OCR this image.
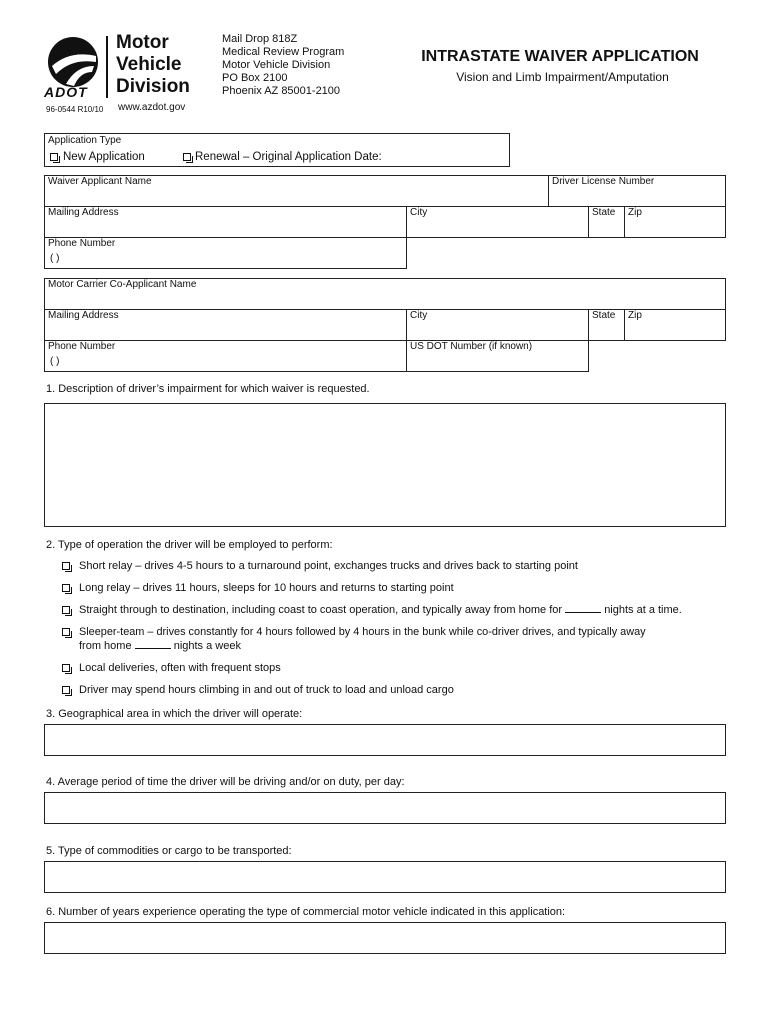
ADOT
Motor
Vehicle
Division
96-0544 R10/10 www.azdot.gov
Mail Drop 818Z
Medical Review Program
Motor Vehicle Division
PO Box 2100
Phoenix AZ 85001-2100
INTRASTATE WAIVER APPLICATION
Vision and Limb Impairment/Amputation
Application Type
New Application	Renewal – Original Application Date:
Waiver Applicant Name	Driver License Number
Mailing Address	City	State Zip
Phone Number
( )
Motor Carrier Co-Applicant Name
Mailing Address	City	State Zip
Phone Number
( )
US DOT Number (if known)
1. Description of driver’s impairment for which waiver is requested.
2. Type of operation the driver will be employed to perform:
Short relay – drives 4-5 hours to a turnaround point, exchanges trucks and drives back to starting point
Long relay – drives 11 hours, sleeps for 10 hours and returns to starting point
Straight through to destination, including coast to coast operation, and typically away from home for	nights at a time.
Sleeper-team – drives constantly for 4 hours followed by 4 hours in the bunk while co-driver drives, and typically away
from home	nights a week
Local deliveries, often with frequent stops
Driver may spend hours climbing in and out of truck to load and unload cargo
3. Geographical area in which the driver will operate:
4. Average period of time the driver will be driving and/or on duty, per day:
5. Type of commodities or cargo to be transported:
6. Number of years experience operating the type of commercial motor vehicle indicated in this application:
